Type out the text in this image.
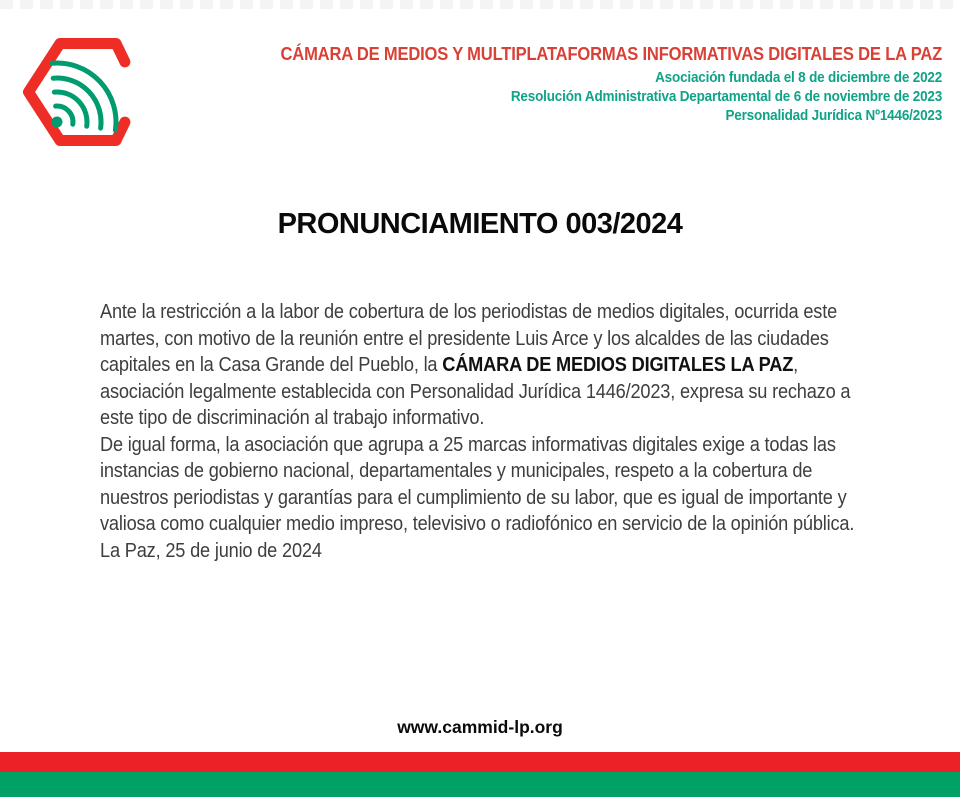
CÁMARA DE MEDIOS Y MULTIPLATAFORMAS INFORMATIVAS DIGITALES DE LA PAZ
Asociación fundada el 8 de diciembre de 2022
Resolución Administrativa Departamental de 6 de noviembre de 2023
Personalidad Jurídica Nº1446/2023
PRONUNCIAMIENTO 003/2024

Ante la restricción a la labor de cobertura de los periodistas de medios digitales, ocurrida este martes, con motivo de la reunión entre el presidente Luis Arce y los alcaldes de las ciudades capitales en la Casa Grande del Pueblo, la CÁMARA DE MEDIOS DIGITALES LA PAZ, asociación legalmente establecida con Personalidad Jurídica 1446/2023, expresa su rechazo a este tipo de discriminación al trabajo informativo.

De igual forma, la asociación que agrupa a 25 marcas informativas digitales exige a todas las instancias de gobierno nacional, departamentales y municipales, respeto a la cobertura de nuestros periodistas y garantías para el cumplimiento de su labor, que es igual de importante y valiosa como cualquier medio impreso, televisivo o radiofónico en servicio de la opinión pública.

La Paz, 25 de junio de 2024

www.cammid-lp.org
